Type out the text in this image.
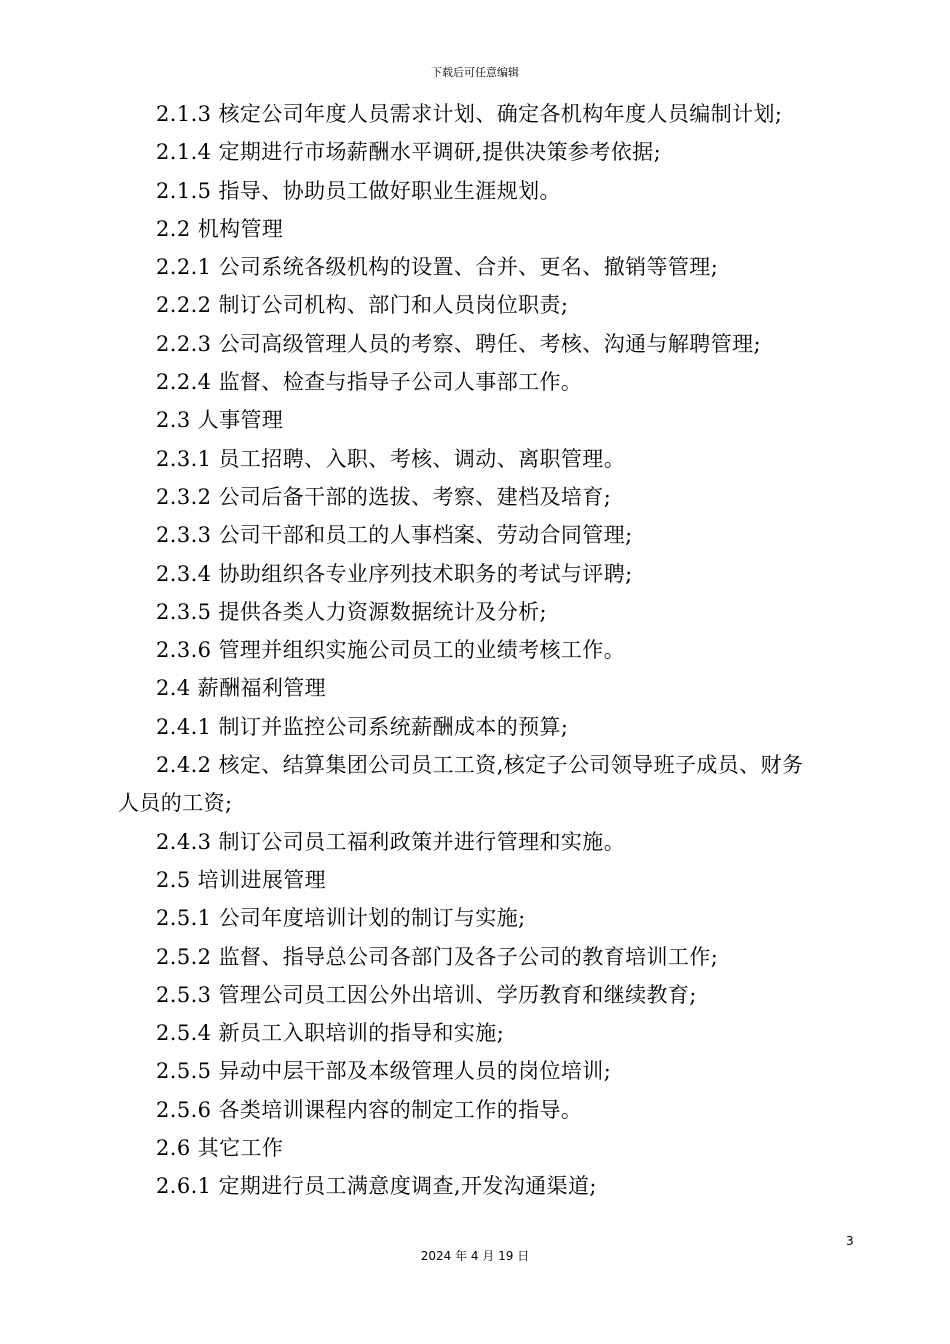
下载后可任意编辑
2.1.3 核定公司年度人员需求计划、确定各机构年度人员编制计划;
2.1.4 定期进行市场薪酬水平调研,提供决策参考依据;
2.1.5 指导、协助员工做好职业生涯规划。
2.2 机构管理
2.2.1 公司系统各级机构的设置、合并、更名、撤销等管理;
2.2.2 制订公司机构、部门和人员岗位职责;
2.2.3 公司高级管理人员的考察、聘任、考核、沟通与解聘管理;
2.2.4 监督、检查与指导子公司人事部工作。
2.3 人事管理
2.3.1 员工招聘、入职、考核、调动、离职管理。
2.3.2 公司后备干部的选拔、考察、建档及培育;
2.3.3 公司干部和员工的人事档案、劳动合同管理;
2.3.4 协助组织各专业序列技术职务的考试与评聘;
2.3.5 提供各类人力资源数据统计及分析;
2.3.6 管理并组织实施公司员工的业绩考核工作。
2.4 薪酬福利管理
2.4.1 制订并监控公司系统薪酬成本的预算;
2.4.2 核定、结算集团公司员工工资,核定子公司领导班子成员、财务
人员的工资;
2.4.3 制订公司员工福利政策并进行管理和实施。
2.5 培训进展管理
2.5.1 公司年度培训计划的制订与实施;
2.5.2 监督、指导总公司各部门及各子公司的教育培训工作;
2.5.3 管理公司员工因公外出培训、学历教育和继续教育;
2.5.4 新员工入职培训的指导和实施;
2.5.5 异动中层干部及本级管理人员的岗位培训;
2.5.6 各类培训课程内容的制定工作的指导。
2.6 其它工作
2.6.1 定期进行员工满意度调查,开发沟通渠道;
3
2024 年 4 月 19 日
